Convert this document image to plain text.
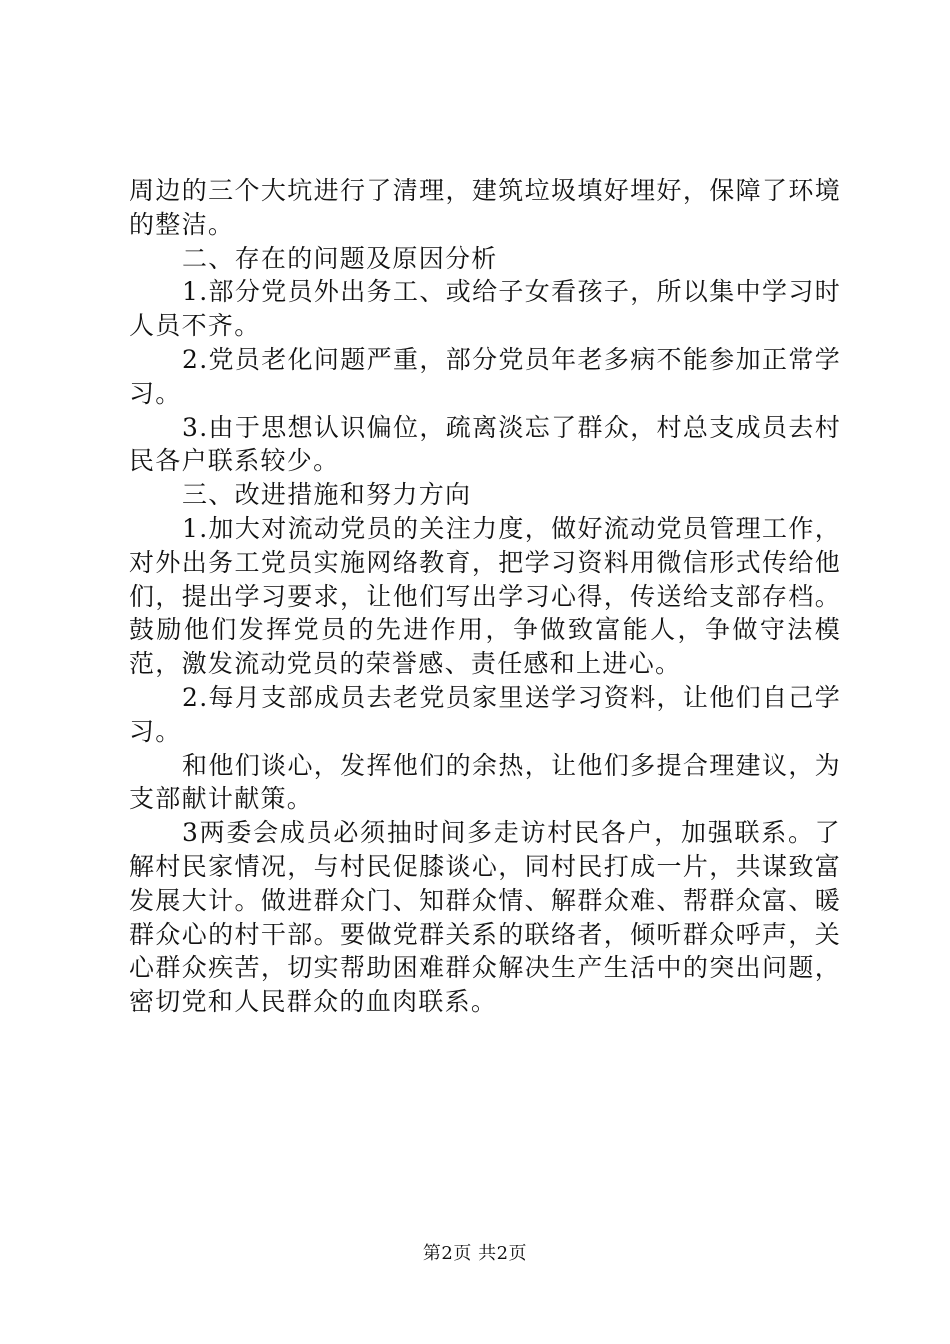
周边的三个大坑进行了清理，建筑垃圾填好埋好，保障了环境的整洁。

二、存在的问题及原因分析

1.部分党员外出务工、或给子女看孩子，所以集中学习时人员不齐。

2.党员老化问题严重，部分党员年老多病不能参加正常学习。

3.由于思想认识偏位，疏离淡忘了群众，村总支成员去村民各户联系较少。

三、改进措施和努力方向

1.加大对流动党员的关注力度，做好流动党员管理工作，对外出务工党员实施网络教育，把学习资料用微信形式传给他们，提出学习要求，让他们写出学习心得，传送给支部存档。鼓励他们发挥党员的先进作用，争做致富能人，争做守法模范，激发流动党员的荣誉感、责任感和上进心。

2.每月支部成员去老党员家里送学习资料，让他们自己学习。

和他们谈心，发挥他们的余热，让他们多提合理建议，为支部献计献策。

3两委会成员必须抽时间多走访村民各户，加强联系。了解村民家情况，与村民促膝谈心，同村民打成一片，共谋致富发展大计。做进群众门、知群众情、解群众难、帮群众富、暖群众心的村干部。要做党群关系的联络者，倾听群众呼声，关心群众疾苦，切实帮助困难群众解决生产生活中的突出问题，密切党和人民群众的血肉联系。

第2页 共2页
